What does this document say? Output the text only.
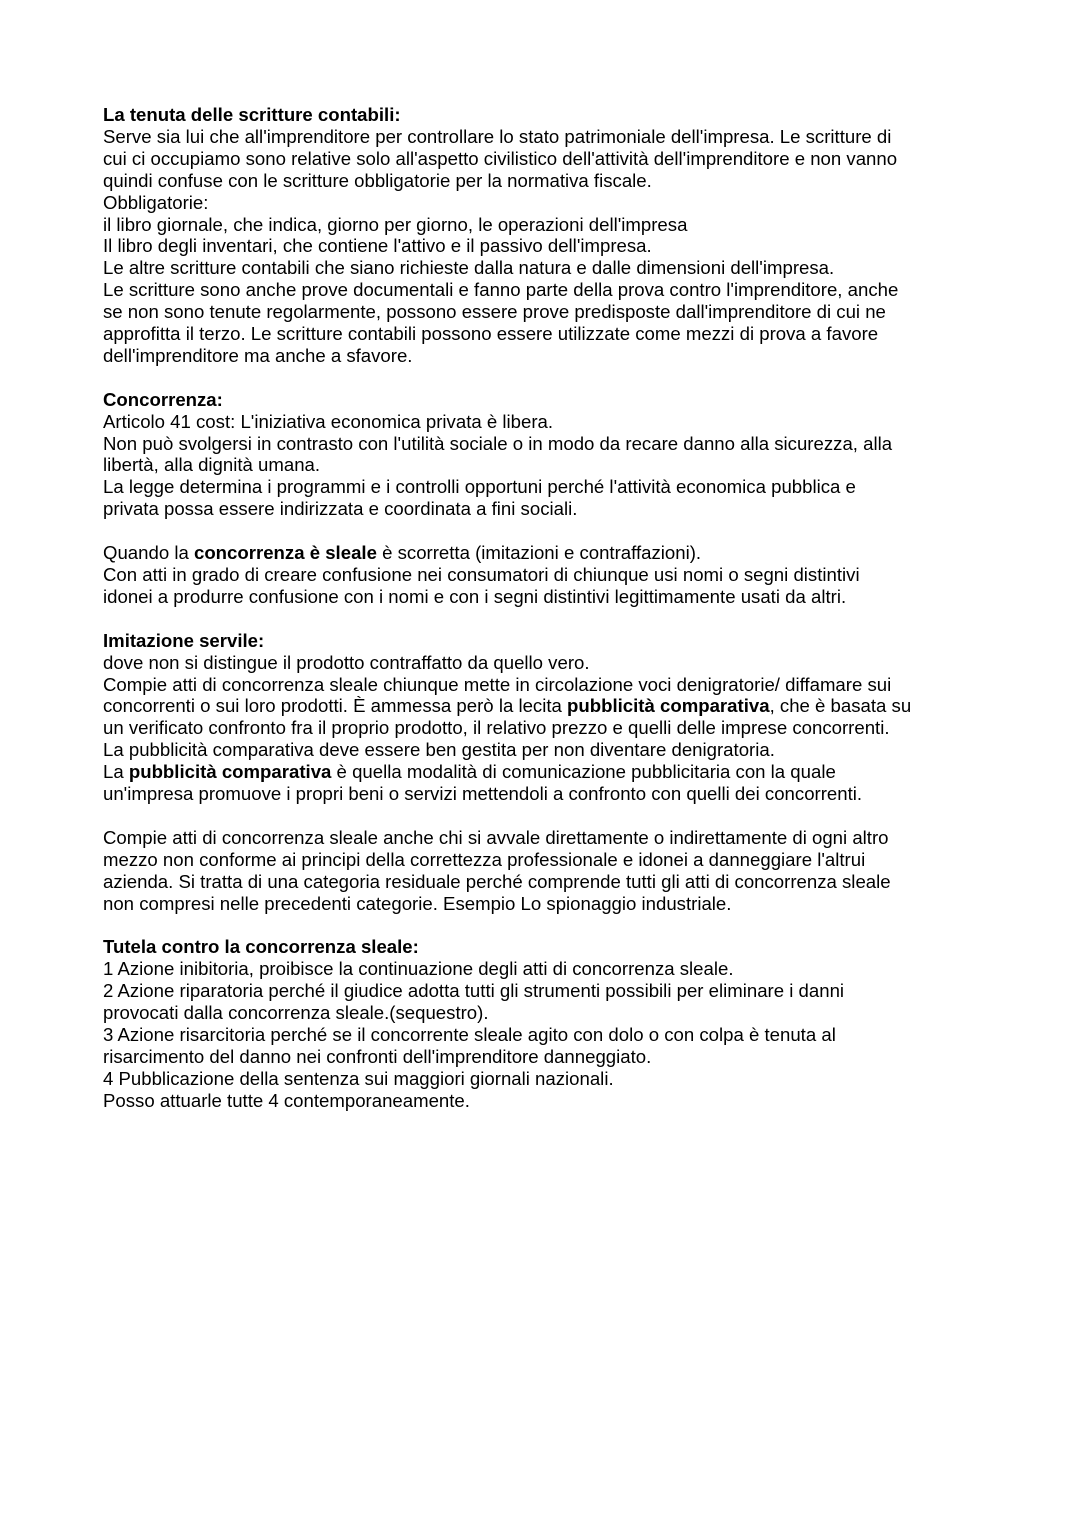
La tenuta delle scritture contabili:
Serve sia lui che all'imprenditore per controllare lo stato patrimoniale dell'impresa. Le scritture di
cui ci occupiamo sono relative solo all'aspetto civilistico dell'attività dell'imprenditore e non vanno
quindi confuse con le scritture obbligatorie per la normativa fiscale.
Obbligatorie:
il libro giornale, che indica, giorno per giorno, le operazioni dell'impresa
Il libro degli inventari, che contiene l'attivo e il passivo dell'impresa.
Le altre scritture contabili che siano richieste dalla natura e dalle dimensioni dell'impresa.
Le scritture sono anche prove documentali e fanno parte della prova contro l'imprenditore, anche
se non sono tenute regolarmente, possono essere prove predisposte dall'imprenditore di cui ne
approfitta il terzo. Le scritture contabili possono essere utilizzate come mezzi di prova a favore
dell'imprenditore ma anche a sfavore.
Concorrenza:
Articolo 41 cost: L'iniziativa economica privata è libera.
Non può svolgersi in contrasto con l'utilità sociale o in modo da recare danno alla sicurezza, alla
libertà, alla dignità umana.
La legge determina i programmi e i controlli opportuni perché l'attività economica pubblica e
privata possa essere indirizzata e coordinata a fini sociali.
Quando la concorrenza è sleale è scorretta (imitazioni e contraffazioni).
Con atti in grado di creare confusione nei consumatori di chiunque usi nomi o segni distintivi
idonei a produrre confusione con i nomi e con i segni distintivi legittimamente usati da altri.
Imitazione servile:
dove non si distingue il prodotto contraffatto da quello vero.
Compie atti di concorrenza sleale chiunque mette in circolazione voci denigratorie/ diffamare sui
concorrenti o sui loro prodotti. È ammessa però la lecita pubblicità comparativa, che è basata su
un verificato confronto fra il proprio prodotto, il relativo prezzo e quelli delle imprese concorrenti.
La pubblicità comparativa deve essere ben gestita per non diventare denigratoria.
La pubblicità comparativa è quella modalità di comunicazione pubblicitaria con la quale
un'impresa promuove i propri beni o servizi mettendoli a confronto con quelli dei concorrenti.
Compie atti di concorrenza sleale anche chi si avvale direttamente o indirettamente di ogni altro
mezzo non conforme ai principi della correttezza professionale e idonei a danneggiare l'altrui
azienda. Si tratta di una categoria residuale perché comprende tutti gli atti di concorrenza sleale
non compresi nelle precedenti categorie. Esempio Lo spionaggio industriale.
Tutela contro la concorrenza sleale:
1 Azione inibitoria, proibisce la continuazione degli atti di concorrenza sleale.
2 Azione riparatoria perché il giudice adotta tutti gli strumenti possibili per eliminare i danni
provocati dalla concorrenza sleale.(sequestro).
3 Azione risarcitoria perché se il concorrente sleale agito con dolo o con colpa è tenuta al
risarcimento del danno nei confronti dell'imprenditore danneggiato.
4 Pubblicazione della sentenza sui maggiori giornali nazionali.
Posso attuarle tutte 4 contemporaneamente.
